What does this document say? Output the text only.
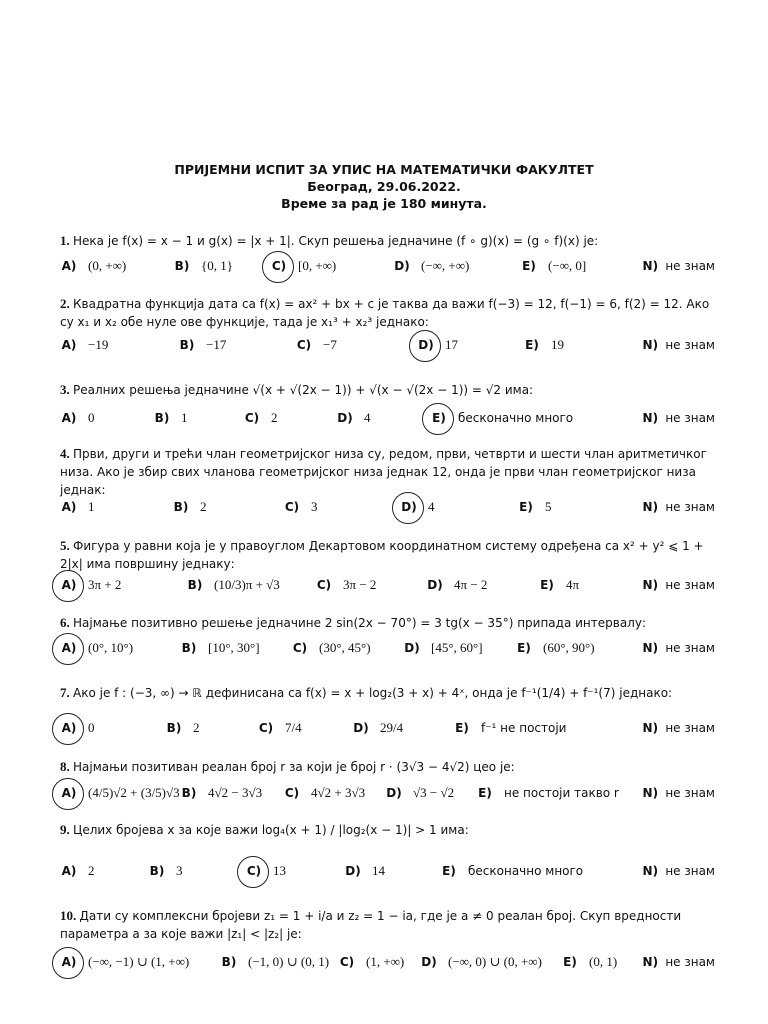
ПРИЈЕМНИ ИСПИТ ЗА УПИС НА МАТЕМАТИЧКИ ФАКУЛТЕТ
Београд, 29.06.2022.
Време за рад је 180 минута.
1. Нека је f(x) = x − 1 и g(x) = |x + 1|. Скуп решења једначине (f ∘ g)(x) = (g ∘ f)(x) је:
A) (0, +∞)	B) {0, 1}	C) [0, +∞)	D) (−∞, +∞)	E) (−∞, 0]	N) не знам
2. Квадратна функција дата са f(x) = ax² + bx + c је таква да важи f(−3) = 12, f(−1) = 6, f(2) = 12. Ако су x₁ и x₂ обе нуле ове функције, тада је x₁³ + x₂³ једнако:
A) −19	B) −17	C) −7	D) 17	E) 19	N) не знам
3. Реалних решења једначине √(x + √(2x − 1)) + √(x − √(2x − 1)) = √2 има:
A) 0	B) 1	C) 2	D) 4	E) бесконачно много	N) не знам
4. Први, други и трећи члан геометријског низа су, редом, први, четврти и шести члан аритметичког низа. Ако је збир свих чланова геометријског низа једнак 12, онда је први члан геометријског низа једнак:
A) 1	B) 2	C) 3	D) 4	E) 5	N) не знам
5. Фигура у равни која је у правоуглом Декартовом координатном систему одређена са x² + y² ⩽ 1 + 2|x| има површину једнаку:
A) 3π + 2	B) (10/3)π + √3	C) 3π − 2	D) 4π − 2	E) 4π	N) не знам
6. Најмање позитивно решење једначине 2 sin(2x − 70°) = 3 tg(x − 35°) припада интервалу:
A) (0°, 10°)	B) [10°, 30°]	C) (30°, 45°)	D) [45°, 60°]	E) (60°, 90°)	N) не знам
7. Ако је f : (−3, ∞) → ℝ дефинисана са f(x) = x + log₂(3 + x) + 4ˣ, онда је f⁻¹(1/4) + f⁻¹(7) једнако:
A) 0	B) 2	C) 7/4	D) 29/4	E) f⁻¹ не постоји	N) не знам
8. Најмањи позитиван реалан број r за који је број r · (3√3 − 4√2) цео је:
A) (4/5)√2 + (3/5)√3 B) 4√2 − 3√3 C) 4√2 + 3√3 D) √3 − √2 E) не постоји такво r N) не знам
9. Целих бројева x за које важи log₄(x + 1) / |log₂(x − 1)| > 1 има:
A) 2	B) 3	C) 13	D) 14	E) бесконачно много	N) не знам
10. Дати су комплексни бројеви z₁ = 1 + i/a и z₂ = 1 − ia, где је a ≠ 0 реалан број. Скуп вредности параметра a за које важи |z₁| < |z₂| је:
A) (−∞, −1) ∪ (1, +∞)	B) (−1, 0) ∪ (0, 1) C) (1, +∞) D) (−∞, 0) ∪ (0, +∞) E) (0, 1) N) не знам
